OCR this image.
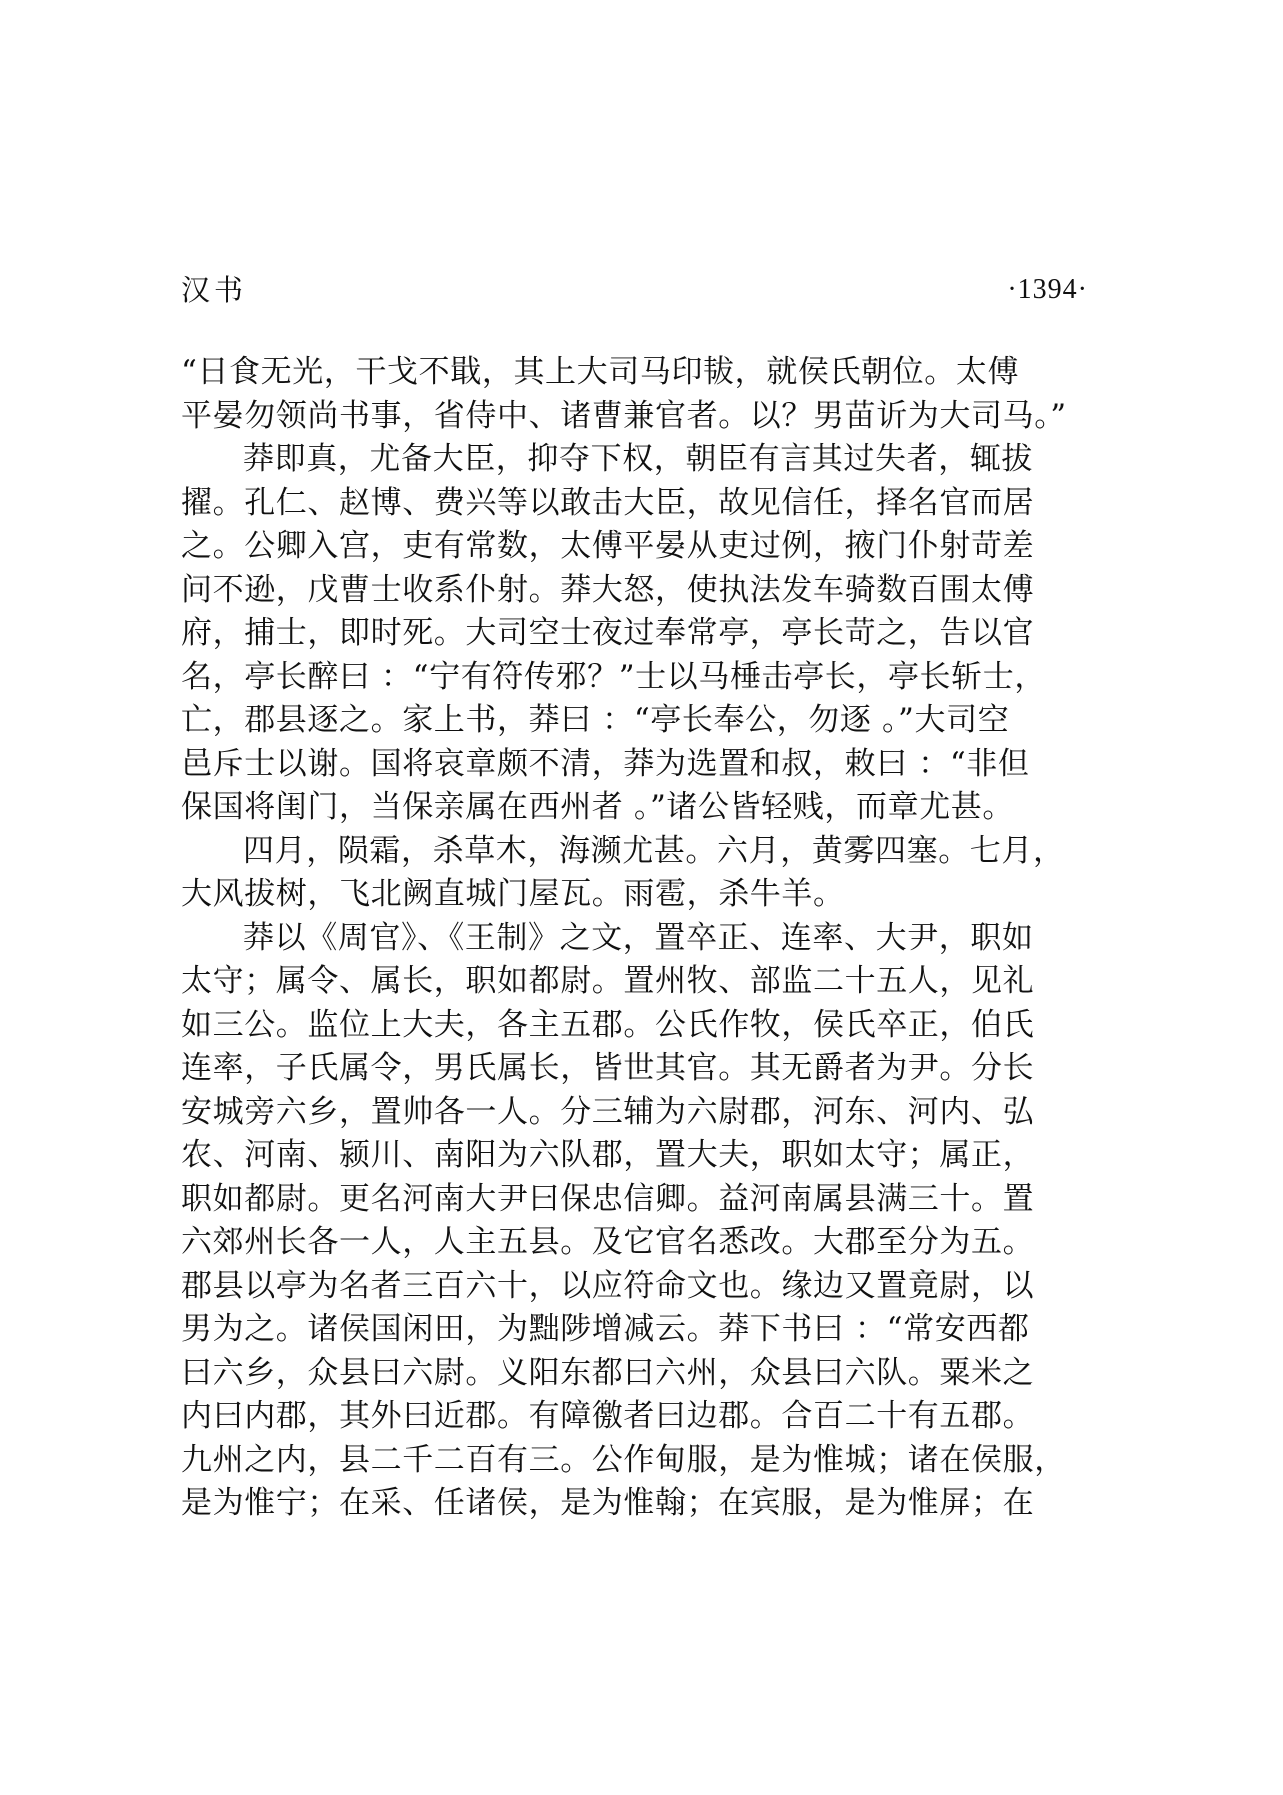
汉书	·1394·
“日食无光，干戈不戢，其上大司马印韨，就侯氏朝位。太傅
平晏勿领尚书事，省侍中、诸曹兼官者。以？男苗䜣为大司马。”
莽即真，尤备大臣，抑夺下权，朝臣有言其过失者，辄拔
擢。孔仁、赵博、费兴等以敢击大臣，故见信任，择名官而居
之。公卿入宫，吏有常数，太傅平晏从吏过例，掖门仆射苛差
问不逊，戊曹士收系仆射。莽大怒，使执法发车骑数百围太傅
府，捕士，即时死。大司空士夜过奉常亭，亭长苛之，告以官
名，亭长醉曰 ：“宁有符传邪？”士以马棰击亭长，亭长斩士，
亡，郡县逐之。家上书，莽曰 ：“亭长奉公，勿逐 。”大司空
邑斥士以谢。国将哀章颇不清，莽为选置和叔，敕曰 ：“非但
保国将闺门，当保亲属在西州者 。”诸公皆轻贱，而章尤甚。
四月，陨霜，杀草木，海濒尤甚。六月，黄雾四塞。七月，
大风拔树，飞北阙直城门屋瓦。雨雹，杀牛羊。
莽以《周官》、《王制》之文，置卒正、连率、大尹，职如
太守；属令、属长，职如都尉。置州牧、部监二十五人，见礼
如三公。监位上大夫，各主五郡。公氏作牧，侯氏卒正，伯氏
连率，子氏属令，男氏属长，皆世其官。其无爵者为尹。分长
安城旁六乡，置帅各一人。分三辅为六尉郡，河东、河内、弘
农、河南、颍川、南阳为六队郡，置大夫，职如太守；属正，
职如都尉。更名河南大尹曰保忠信卿。益河南属县满三十。置
六郊州长各一人，人主五县。及它官名悉改。大郡至分为五。
郡县以亭为名者三百六十，以应符命文也。缘边又置竟尉，以
男为之。诸侯国闲田，为黜陟增减云。莽下书曰 ：“常安西都
曰六乡，众县曰六尉。义阳东都曰六州，众县曰六队。粟米之
内曰内郡，其外曰近郡。有障徼者曰边郡。合百二十有五郡。
九州之内，县二千二百有三。公作甸服，是为惟城；诸在侯服，
是为惟宁；在采、任诸侯，是为惟翰；在宾服，是为惟屏；在
